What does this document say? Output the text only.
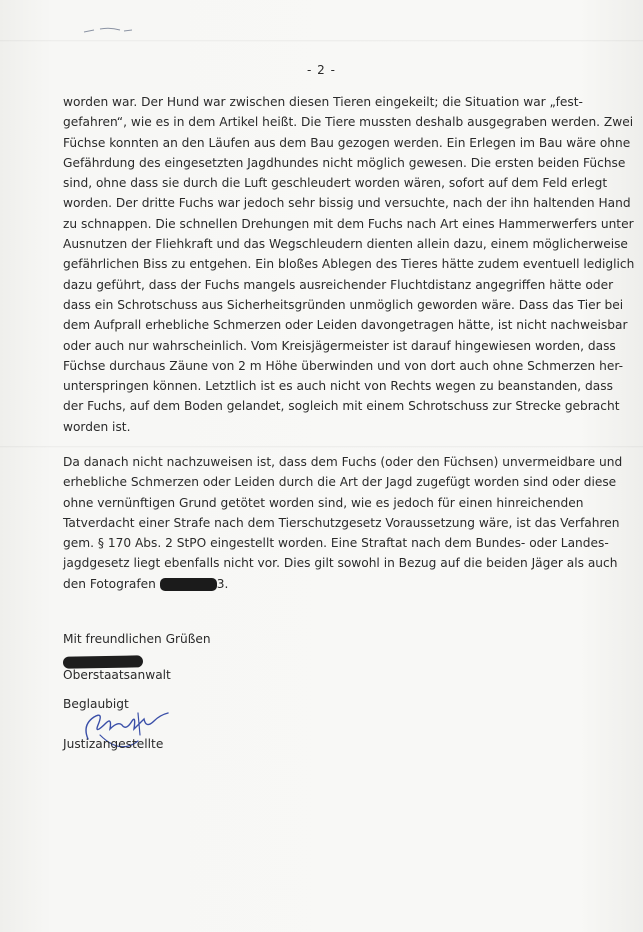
- 2 -
worden war. Der Hund war zwischen diesen Tieren eingekeilt; die Situation war „fest-
gefahren“, wie es in dem Artikel heißt. Die Tiere mussten deshalb ausgegraben werden. Zwei
Füchse konnten an den Läufen aus dem Bau gezogen werden. Ein Erlegen im Bau wäre ohne
Gefährdung des eingesetzten Jagdhundes nicht möglich gewesen. Die ersten beiden Füchse
sind, ohne dass sie durch die Luft geschleudert worden wären, sofort auf dem Feld erlegt
worden. Der dritte Fuchs war jedoch sehr bissig und versuchte, nach der ihn haltenden Hand
zu schnappen. Die schnellen Drehungen mit dem Fuchs nach Art eines Hammerwerfers unter
Ausnutzen der Fliehkraft und das Wegschleudern dienten allein dazu, einem möglicherweise
gefährlichen Biss zu entgehen. Ein bloßes Ablegen des Tieres hätte zudem eventuell lediglich
dazu geführt, dass der Fuchs mangels ausreichender Fluchtdistanz angegriffen hätte oder
dass ein Schrotschuss aus Sicherheitsgründen unmöglich geworden wäre. Dass das Tier bei
dem Aufprall erhebliche Schmerzen oder Leiden davongetragen hätte, ist nicht nachweisbar
oder auch nur wahrscheinlich. Vom Kreisjägermeister ist darauf hingewiesen worden, dass
Füchse durchaus Zäune von 2 m Höhe überwinden und von dort auch ohne Schmerzen her-
unterspringen können. Letztlich ist es auch nicht von Rechts wegen zu beanstanden, dass
der Fuchs, auf dem Boden gelandet, sogleich mit einem Schrotschuss zur Strecke gebracht
worden ist.
Da danach nicht nachzuweisen ist, dass dem Fuchs (oder den Füchsen) unvermeidbare und
erhebliche Schmerzen oder Leiden durch die Art der Jagd zugefügt worden sind oder diese
ohne vernünftigen Grund getötet worden sind, wie es jedoch für einen hinreichenden
Tatverdacht einer Strafe nach dem Tierschutzgesetz Voraussetzung wäre, ist das Verfahren
gem. § 170 Abs. 2 StPO eingestellt worden. Eine Straftat nach dem Bundes- oder Landes-
jagdgesetz liegt ebenfalls nicht vor. Dies gilt sowohl in Bezug auf die beiden Jäger als auch
den Fotografen	3.
Mit freundlichen Grüßen
Oberstaatsanwalt
Beglaubigt
Justizangestellte
